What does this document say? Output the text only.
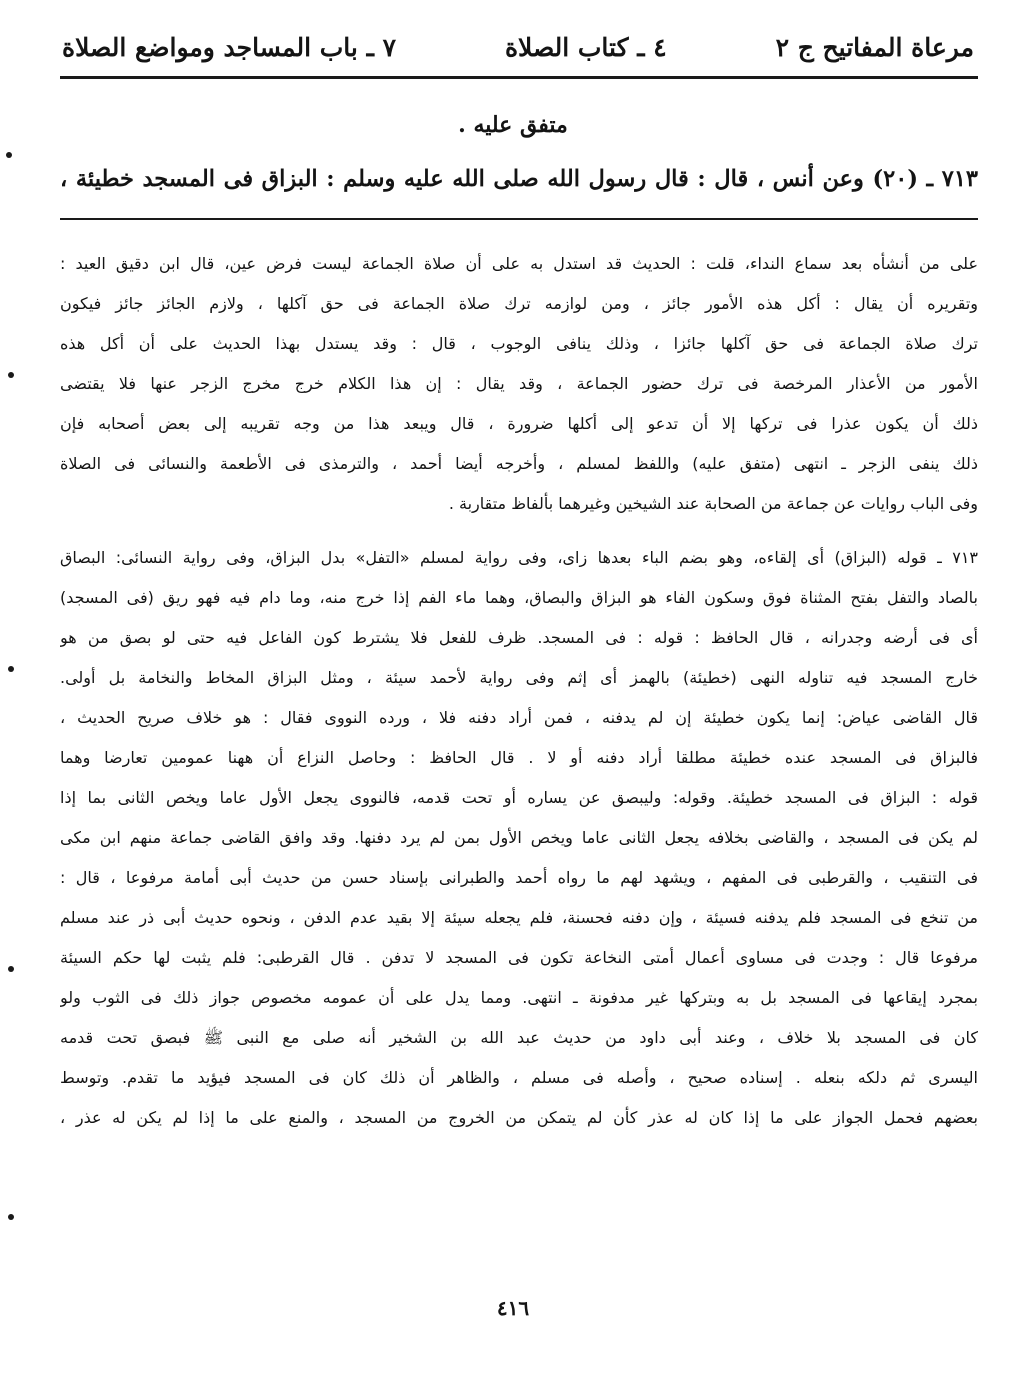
مرعاة المفاتيح ج ٢
٤ ـ كتاب الصلاة
٧ ـ باب المساجد ومواضع الصلاة
متفق عليه .
٧١٣ ـ (٢٠) وعن أنس ، قال : قال رسول الله صلى الله عليه وسلم : البزاق فى المسجد خطيئة ،
على من أنشأه بعد سماع النداء، قلت : الحديث قد استدل به على أن صلاة الجماعة ليست فرض عين، قال ابن دقيق العيد :
وتقريره أن يقال : أكل هذه الأمور جائز ، ومن لوازمه ترك صلاة الجماعة فى حق آكلها ، ولازم الجائز جائز فيكون
ترك صلاة الجماعة فى حق آكلها جائزا ، وذلك ينافى الوجوب ، قال : وقد يستدل بهذا الحديث على أن أكل هذه
الأمور من الأعذار المرخصة فى ترك حضور الجماعة ، وقد يقال : إن هذا الكلام خرج مخرج الزجر عنها فلا يقتضى
ذلك أن يكون عذرا فى تركها إلا أن تدعو إلى أكلها ضرورة ، قال ويبعد هذا من وجه تقريبه إلى بعض أصحابه فإن
ذلك ينفى الزجر ـ انتهى (متفق عليه) واللفظ لمسلم ، وأخرجه أيضا أحمد ، والترمذى فى الأطعمة والنسائى فى الصلاة
وفى الباب روايات عن جماعة من الصحابة عند الشيخين وغيرهما بألفاظ متقاربة .
٧١٣ ـ قوله (البزاق) أى إلقاءه، وهو بضم الباء بعدها زاى، وفى رواية لمسلم «التفل» بدل البزاق، وفى رواية النسائى: البصاق
بالصاد والتفل بفتح المثناة فوق وسكون الفاء هو البزاق والبصاق، وهما ماء الفم إذا خرج منه، وما دام فيه فهو ريق (فى المسجد)
أى فى أرضه وجدرانه ، قال الحافظ : قوله : فى المسجد. ظرف للفعل فلا يشترط كون الفاعل فيه حتى لو بصق من هو
خارج المسجد فيه تناوله النهى (خطيئة) بالهمز أى إثم وفى رواية لأحمد سيئة ، ومثل البزاق المخاط والنخامة بل أولى.
قال القاضى عياض: إنما يكون خطيئة إن لم يدفنه ، فمن أراد دفنه فلا ، ورده النووى فقال : هو خلاف صريح الحديث ،
فالبزاق فى المسجد عنده خطيئة مطلقا أراد دفنه أو لا . قال الحافظ : وحاصل النزاع أن ههنا عمومين تعارضا وهما
قوله : البزاق فى المسجد خطيئة. وقوله: وليبصق عن يساره أو تحت قدمه، فالنووى يجعل الأول عاما ويخص الثانى بما إذا
لم يكن فى المسجد ، والقاضى بخلافه يجعل الثانى عاما ويخص الأول بمن لم يرد دفنها. وقد وافق القاضى جماعة منهم ابن مكى
فى التنقيب ، والقرطبى فى المفهم ، ويشهد لهم ما رواه أحمد والطبرانى بإسناد حسن من حديث أبى أمامة مرفوعا ، قال :
من تنخع فى المسجد فلم يدفنه فسيئة ، وإن دفنه فحسنة، فلم يجعله سيئة إلا بقيد عدم الدفن ، ونحوه حديث أبى ذر عند مسلم
مرفوعا قال : وجدت فى مساوى أعمال أمتى النخاعة تكون فى المسجد لا تدفن . قال القرطبى: فلم يثبت لها حكم السيئة
بمجرد إيقاعها فى المسجد بل به وبتركها غير مدفونة ـ انتهى. ومما يدل على أن عمومه مخصوص جواز ذلك فى الثوب ولو
كان فى المسجد بلا خلاف ، وعند أبى داود من حديث عبد الله بن الشخير أنه صلى مع النبى ﷺ فبصق تحت قدمه
اليسرى ثم دلكه بنعله . إسناده صحيح ، وأصله فى مسلم ، والظاهر أن ذلك كان فى المسجد فيؤيد ما تقدم. وتوسط
بعضهم فحمل الجواز على ما إذا كان له عذر كأن لم يتمكن من الخروج من المسجد ، والمنع على ما إذا لم يكن له عذر ،
٤١٦
